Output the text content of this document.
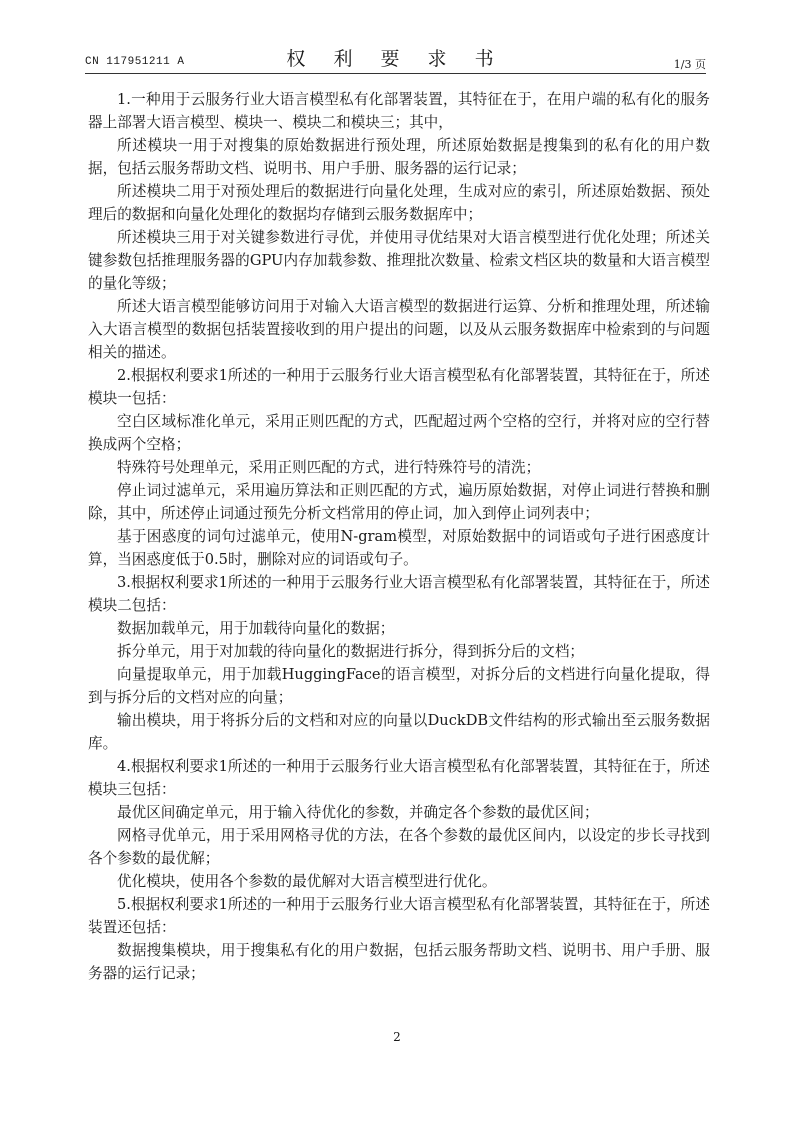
CN 117951211 A	权 利 要 求 书	1/3 页

1.一种用于云服务行业大语言模型私有化部署装置，其特征在于，在用户端的私有化的服务器上部署大语言模型、模块一、模块二和模块三；其中，

所述模块一用于对搜集的原始数据进行预处理，所述原始数据是搜集到的私有化的用户数据，包括云服务帮助文档、说明书、用户手册、服务器的运行记录；

所述模块二用于对预处理后的数据进行向量化处理，生成对应的索引，所述原始数据、预处理后的数据和向量化处理化的数据均存储到云服务数据库中；

所述模块三用于对关键参数进行寻优，并使用寻优结果对大语言模型进行优化处理；所述关键参数包括推理服务器的GPU内存加载参数、推理批次数量、检索文档区块的数量和大语言模型的量化等级；

所述大语言模型能够访问用于对输入大语言模型的数据进行运算、分析和推理处理，所述输入大语言模型的数据包括装置接收到的用户提出的问题，以及从云服务数据库中检索到的与问题相关的描述。

2.根据权利要求1所述的一种用于云服务行业大语言模型私有化部署装置，其特征在于，所述模块一包括：

空白区域标准化单元，采用正则匹配的方式，匹配超过两个空格的空行，并将对应的空行替换成两个空格；

特殊符号处理单元，采用正则匹配的方式，进行特殊符号的清洗；

停止词过滤单元，采用遍历算法和正则匹配的方式，遍历原始数据，对停止词进行替换和删除，其中，所述停止词通过预先分析文档常用的停止词，加入到停止词列表中；

基于困惑度的词句过滤单元，使用N-gram模型，对原始数据中的词语或句子进行困惑度计算，当困惑度低于0.5时，删除对应的词语或句子。

3.根据权利要求1所述的一种用于云服务行业大语言模型私有化部署装置，其特征在于，所述模块二包括：

数据加载单元，用于加载待向量化的数据；

拆分单元，用于对加载的待向量化的数据进行拆分，得到拆分后的文档；

向量提取单元，用于加载HuggingFace的语言模型，对拆分后的文档进行向量化提取，得到与拆分后的文档对应的向量；

输出模块，用于将拆分后的文档和对应的向量以DuckDB文件结构的形式输出至云服务数据库。

4.根据权利要求1所述的一种用于云服务行业大语言模型私有化部署装置，其特征在于，所述模块三包括：

最优区间确定单元，用于输入待优化的参数，并确定各个参数的最优区间；

网格寻优单元，用于采用网格寻优的方法，在各个参数的最优区间内，以设定的步长寻找到各个参数的最优解；

优化模块，使用各个参数的最优解对大语言模型进行优化。

5.根据权利要求1所述的一种用于云服务行业大语言模型私有化部署装置，其特征在于，所述装置还包括：

数据搜集模块，用于搜集私有化的用户数据，包括云服务帮助文档、说明书、用户手册、服务器的运行记录；

2
